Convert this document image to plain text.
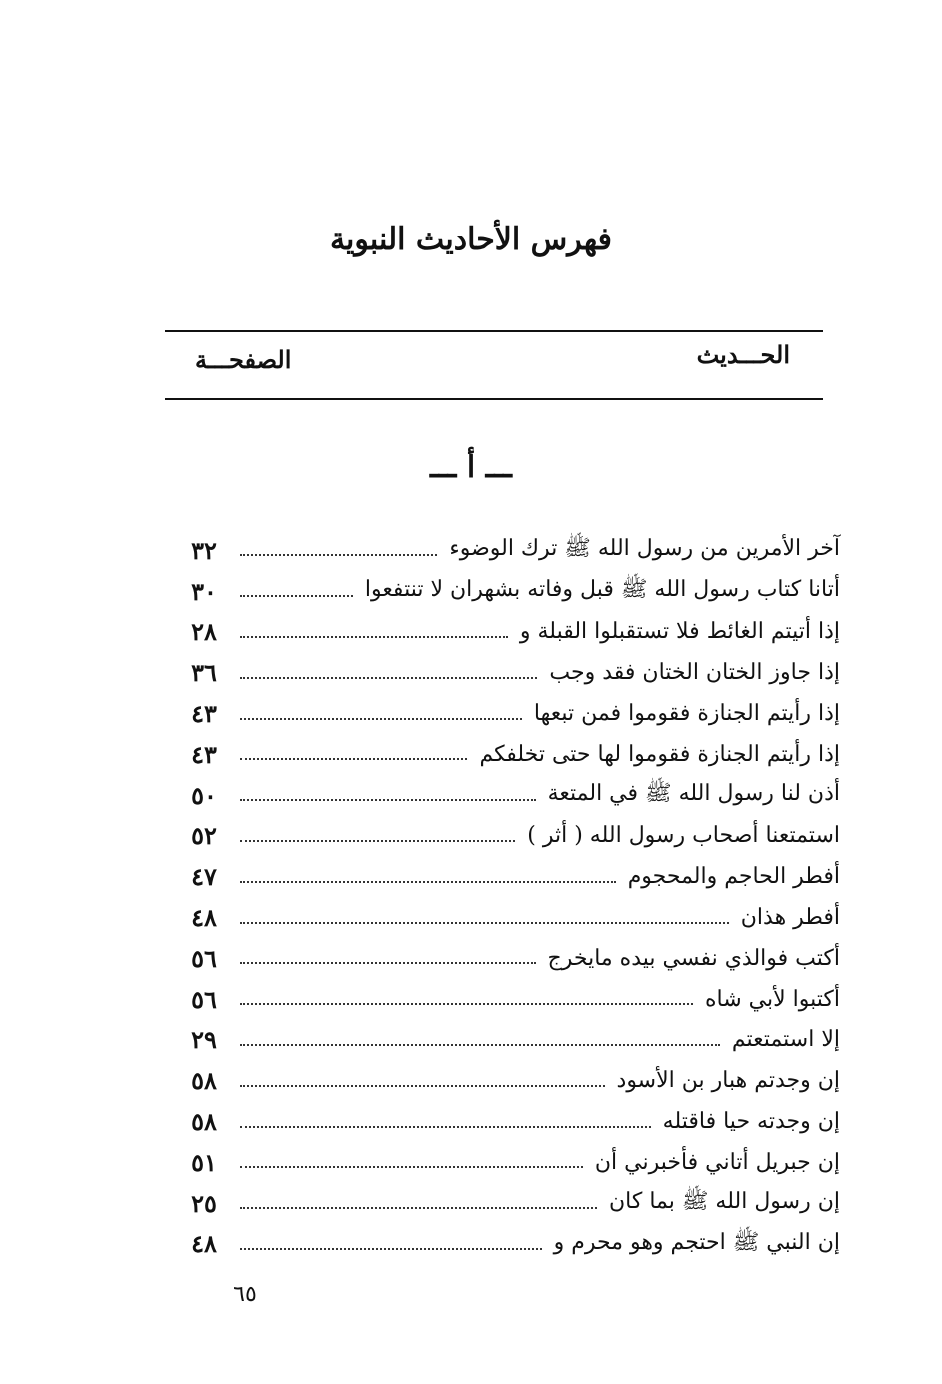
فهرس الأحاديث النبوية
الحـــديث
الصفحـــة
ـــ أ ـــ
آخر الأمرين من رسول الله ﷺ ترك الوضوء
٣٢
أتانا كتاب رسول الله ﷺ قبل وفاته بشهران لا تنتفعوا
٣٠
إذا أتيتم الغائط فلا تستقبلوا القبلة و
٢٨
إذا جاوز الختان الختان فقد وجب
٣٦
إذا رأيتم الجنازة فقوموا فمن تبعها
٤٣
إذا رأيتم الجنازة فقوموا لها حتى تخلفكم
٤٣
أذن لنا رسول الله ﷺ في المتعة
٥٠
استمتعنا أصحاب رسول الله ( أثر )
٥٢
أفطر الحاجم والمحجوم
٤٧
أفطر هذان
٤٨
أكتب فوالذي نفسي بيده مايخرج
٥٦
أكتبوا لأبي شاه
٥٦
إلا استمتعتم
٢٩
إن وجدتم هبار بن الأسود
٥٨
إن وجدته حيا فاقتله
٥٨
إن جبريل أتاني فأخبرني أن
٥١
إن رسول الله ﷺ بما كان
٢٥
إن النبي ﷺ احتجم وهو محرم و
٤٨
٦٥
